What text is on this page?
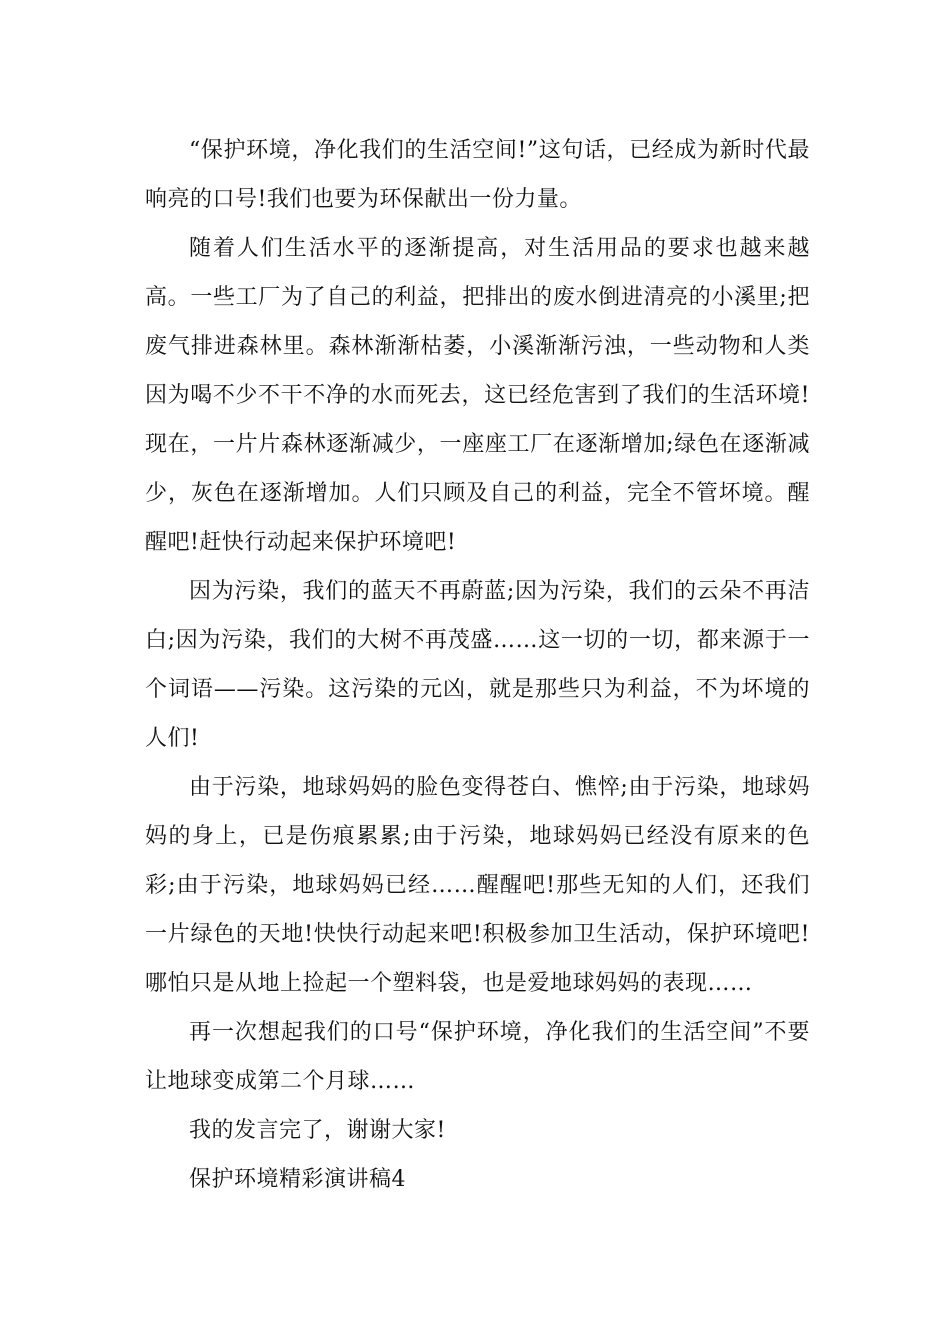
“保护环境，净化我们的生活空间!”这句话，已经成为新时代最响亮的口号!我们也要为环保献出一份力量。

随着人们生活水平的逐渐提高，对生活用品的要求也越来越高。一些工厂为了自己的利益，把排出的废水倒进清亮的小溪里;把废气排进森林里。森林渐渐枯萎，小溪渐渐污浊，一些动物和人类因为喝不少不干不净的水而死去，这已经危害到了我们的生活环境!现在，一片片森林逐渐减少，一座座工厂在逐渐增加;绿色在逐渐减少，灰色在逐渐增加。人们只顾及自己的利益，完全不管坏境。醒醒吧!赶快行动起来保护环境吧!

因为污染，我们的蓝天不再蔚蓝;因为污染，我们的云朵不再洁白;因为污染，我们的大树不再茂盛……这一切的一切，都来源于一个词语——污染。这污染的元凶，就是那些只为利益，不为坏境的人们!

由于污染，地球妈妈的脸色变得苍白、憔悴;由于污染，地球妈妈的身上，已是伤痕累累;由于污染，地球妈妈已经没有原来的色彩;由于污染，地球妈妈已经……醒醒吧!那些无知的人们，还我们一片绿色的天地!快快行动起来吧!积极参加卫生活动，保护环境吧!哪怕只是从地上捡起一个塑料袋，也是爱地球妈妈的表现……

再一次想起我们的口号“保护环境，净化我们的生活空间”不要让地球变成第二个月球……

我的发言完了，谢谢大家!

保护环境精彩演讲稿4
